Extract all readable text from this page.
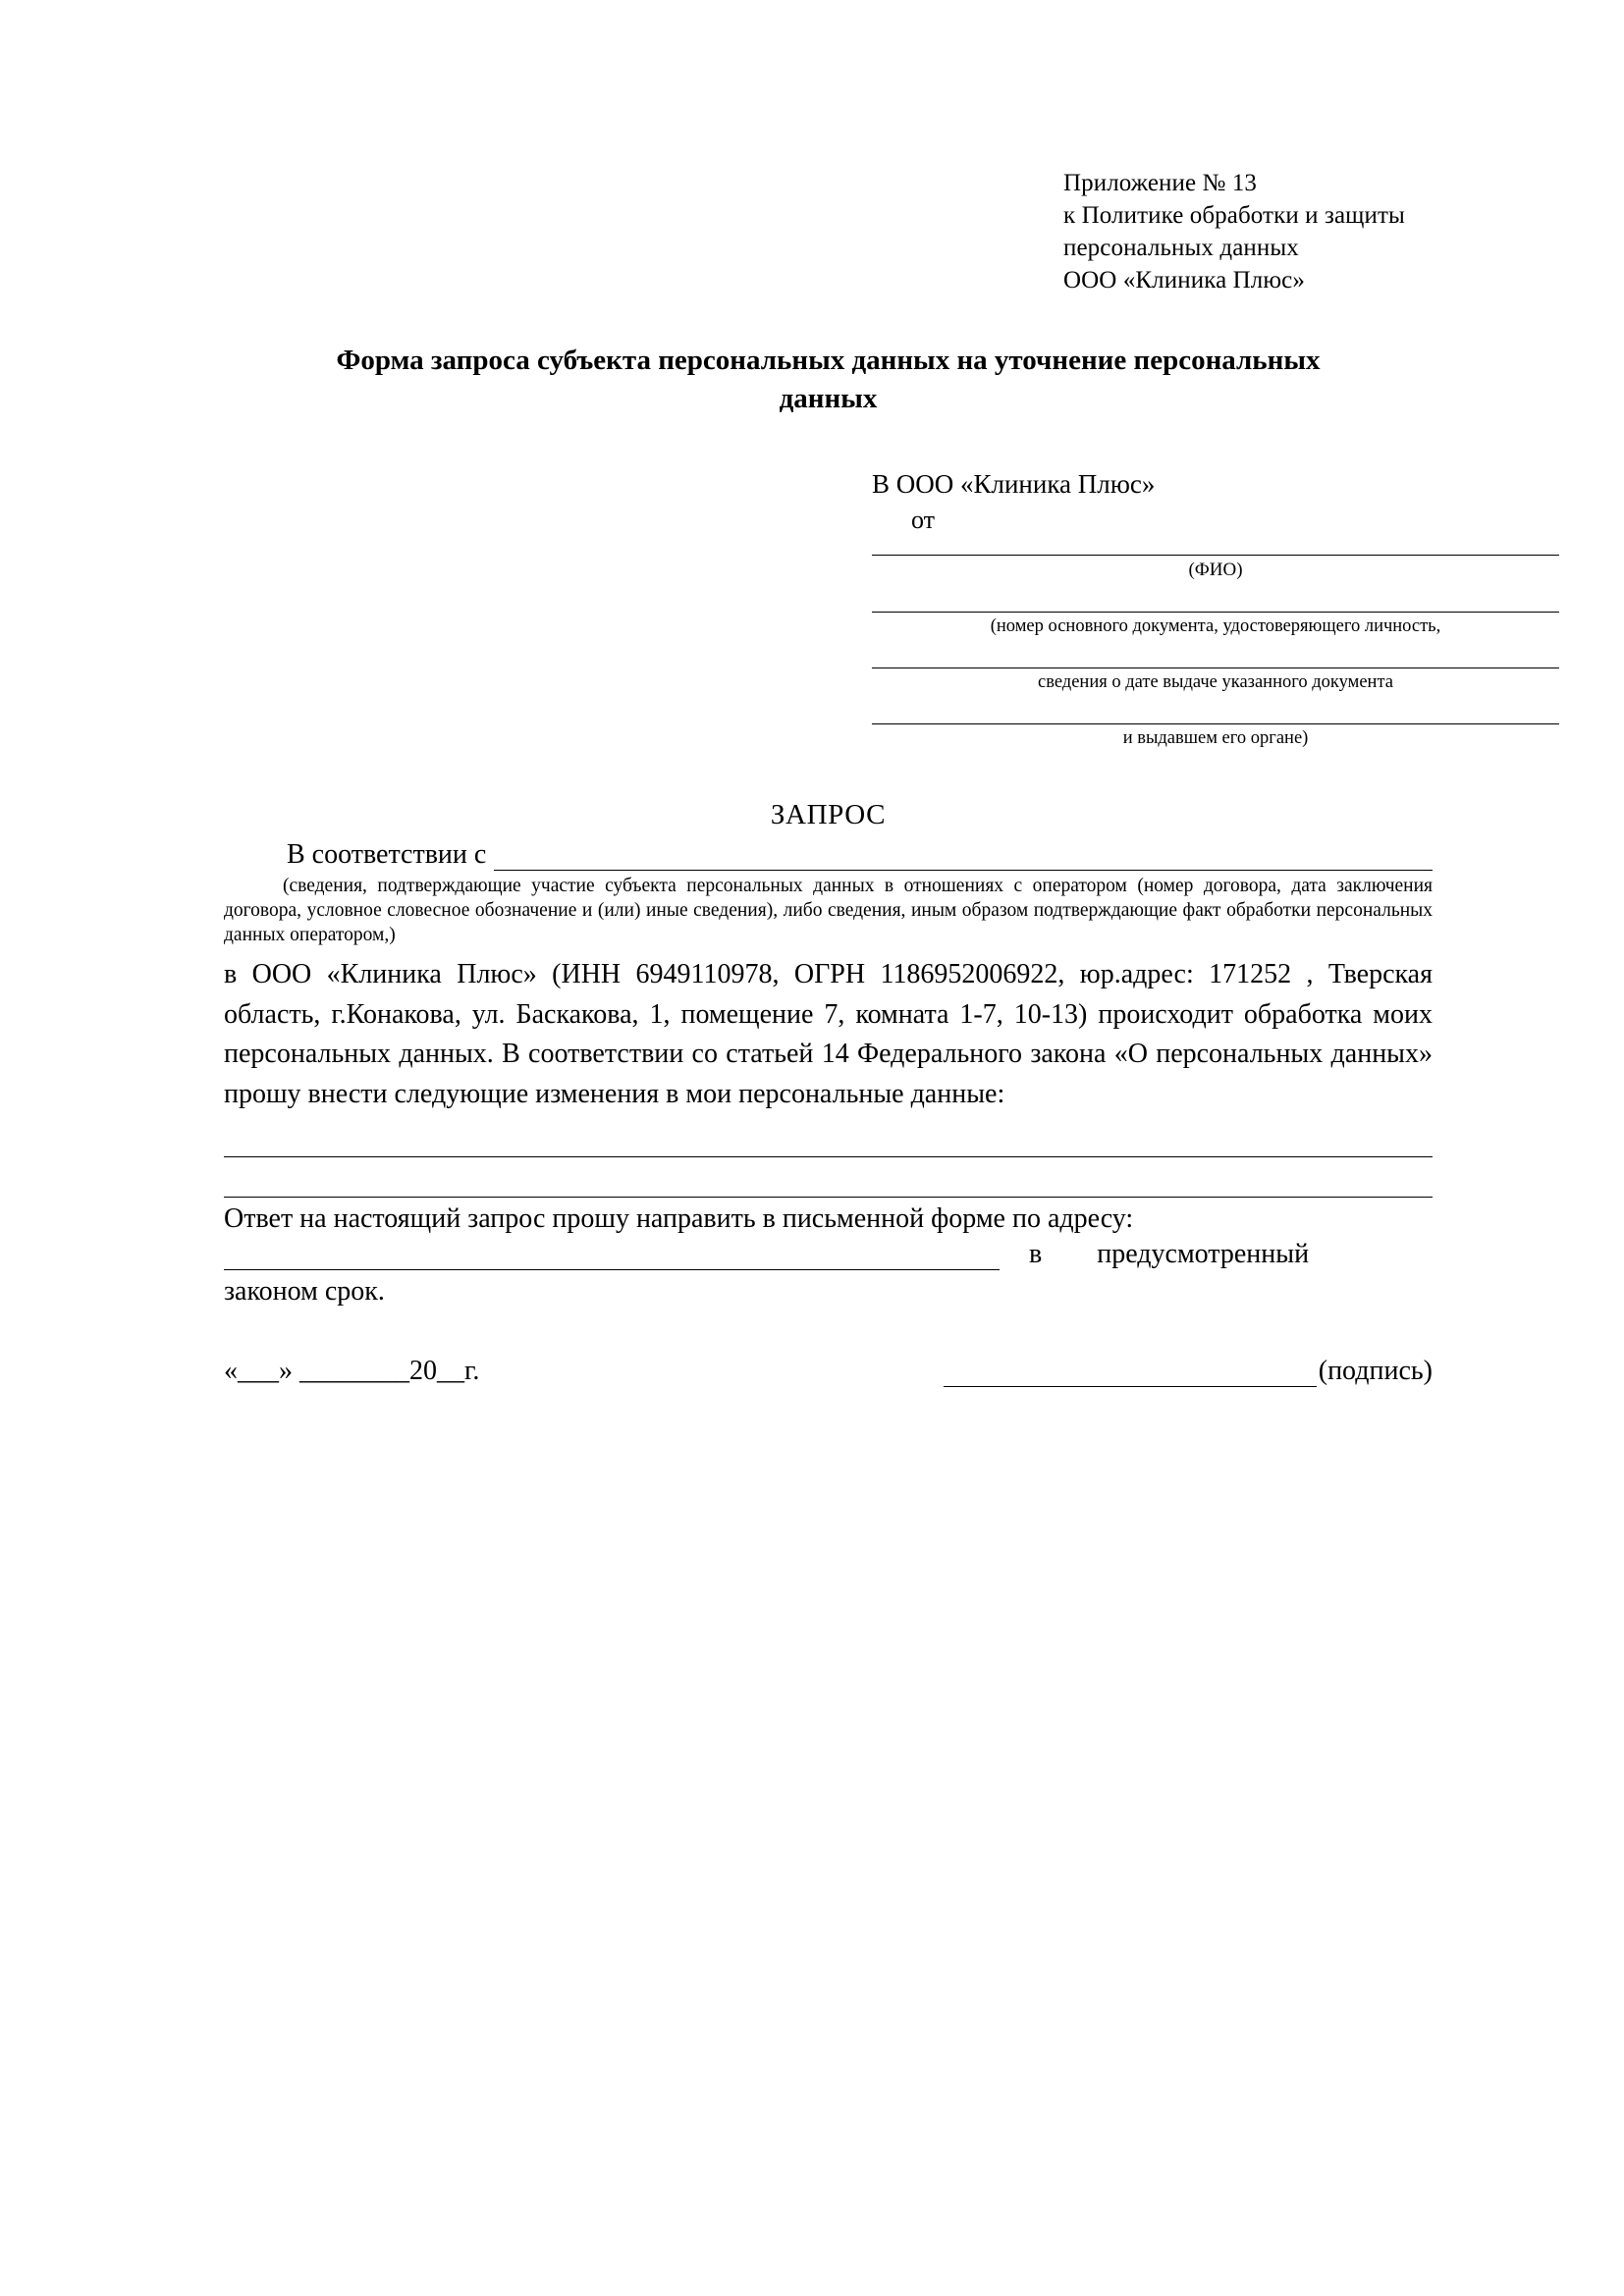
Приложение № 13
к Политике обработки и защиты
персональных данных
ООО «Клиника Плюс»
Форма запроса субъекта персональных данных на уточнение персональных данных
В ООО «Клиника Плюс»
от
(ФИО)
(номер основного документа, удостоверяющего личность,
сведения о дате выдаче указанного документа
и выдавшем его органе)
ЗАПРОС
В соответствии с
(сведения, подтверждающие участие субъекта персональных данных в отношениях с оператором (номер договора, дата заключения договора, условное словесное обозначение и (или) иные сведения), либо сведения, иным образом подтверждающие факт обработки персональных данных оператором,)
в ООО «Клиника Плюс» (ИНН 6949110978, ОГРН 1186952006922, юр.адрес: 171252 , Тверская область, г.Конакова, ул. Баскакова, 1, помещение 7, комната 1-7, 10-13) происходит обработка моих персональных данных. В соответствии со статьей 14 Федерального закона «О персональных данных» прошу внести следующие изменения в мои персональные данные:
Ответ на настоящий запрос прошу направить в письменной форме по адресу:
в        предусмотренный
законом срок.
«___» ________20__г.	(подпись)
